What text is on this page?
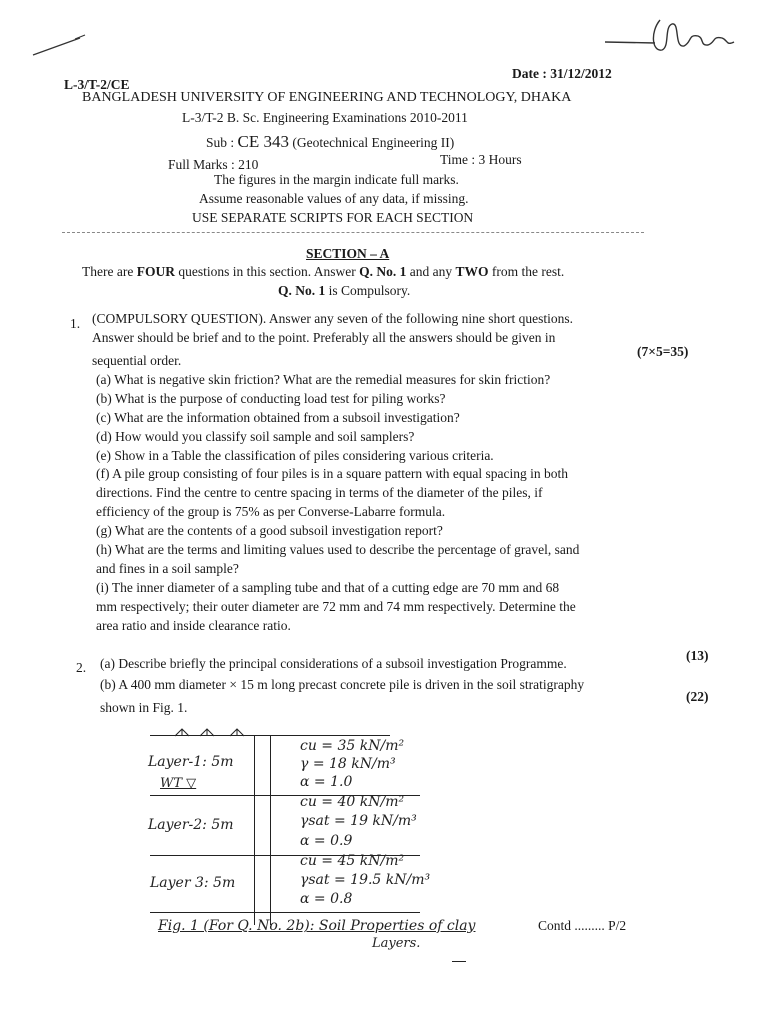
L-3/T-2/CE
Date : 31/12/2012
BANGLADESH UNIVERSITY OF ENGINEERING AND TECHNOLOGY, DHAKA
L-3/T-2 B. Sc. Engineering Examinations 2010-2011
Sub : CE 343 (Geotechnical Engineering II)
Full Marks : 210	Time : 3 Hours
The figures in the margin indicate full marks.
Assume reasonable values of any data, if missing.
USE SEPARATE SCRIPTS FOR EACH SECTION
SECTION – A
There are FOUR questions in this section. Answer Q. No. 1 and any TWO from the rest.
Q. No. 1 is Compulsory.
1. (COMPULSORY QUESTION). Answer any seven of the following nine short questions.
Answer should be brief and to the point. Preferably all the answers should be given in
sequential order.
(7×5=35)
(a) What is negative skin friction? What are the remedial measures for skin friction?
(b) What is the purpose of conducting load test for piling works?
(c) What are the information obtained from a subsoil investigation?
(d) How would you classify soil sample and soil samplers?
(e) Show in a Table the classification of piles considering various criteria.
(f) A pile group consisting of four piles is in a square pattern with equal spacing in both
directions. Find the centre to centre spacing in terms of the diameter of the piles, if
efficiency of the group is 75% as per Converse-Labarre formula.
(g) What are the contents of a good subsoil investigation report?
(h) What are the terms and limiting values used to describe the percentage of gravel, sand
and fines in a soil sample?
(i) The inner diameter of a sampling tube and that of a cutting edge are 70 mm and 68
mm respectively; their outer diameter are 72 mm and 74 mm respectively. Determine the
area ratio and inside clearance ratio.
2. (a) Describe briefly the principal considerations of a subsoil investigation Programme.
(13)
(b) A 400 mm diameter × 15 m long precast concrete pile is driven in the soil stratigraphy
shown in Fig. 1.
(22)
Layer-1: 5m
WT ▽
Layer-2: 5m
Layer 3: 5m
cu = 35 kN/m²
γ = 18 kN/m³
α = 1.0
cu = 40 kN/m²
γsat = 19 kN/m³
α = 0.9
cu = 45 kN/m²
γsat = 19.5 kN/m³
α = 0.8
Fig. 1 (For Q. No. 2b): Soil Properties of clay
Layers.
Contd ......... P/2
